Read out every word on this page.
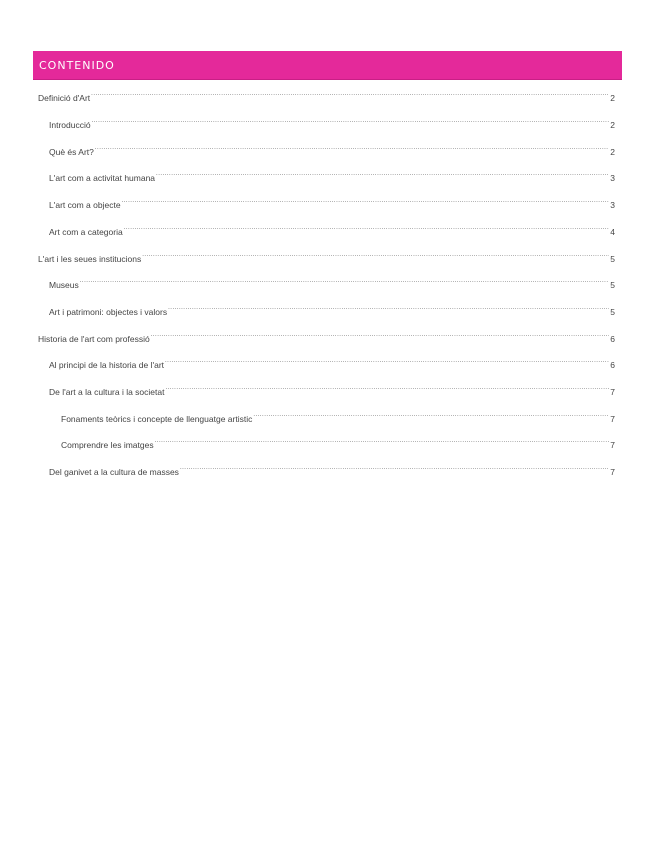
CONTENIDO
Definició d'Art .....	2
Introducció .....	2
Què és Art? .....	2
L'art com a activitat humana .....	3
L'art com a objecte .....	3
Art com a categoria .....	4
L'art i les seues institucions .....	5
Museus .....	5
Art i patrimoni: objectes i valors .....	5
Historia de l'art com professió .....	6
Al principi de la historia de l'art .....	6
De l'art a la cultura i la societat .....	7
Fonaments teòrics i concepte de llenguatge artistic .....	7
Comprendre les imatges .....	7
Del ganivet a la cultura de masses .....	7
